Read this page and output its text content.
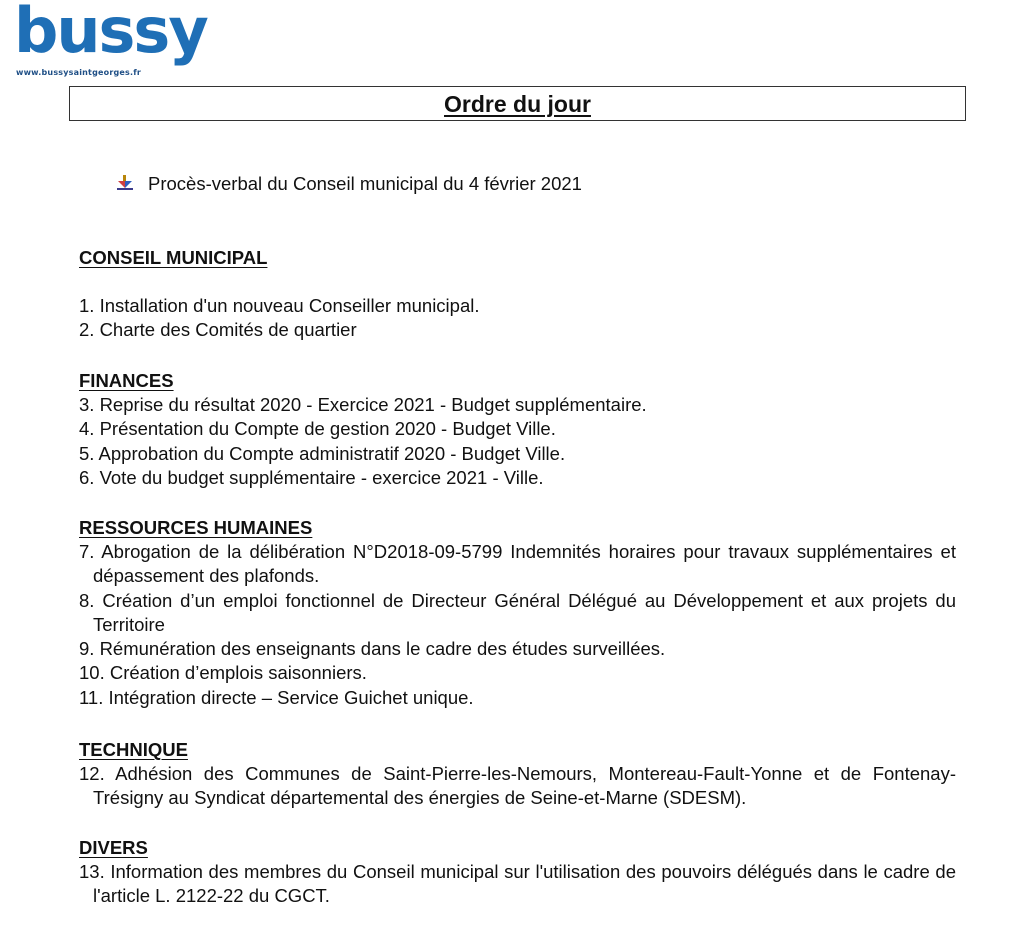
bussy
www.bussysaintgeorges.fr
Ordre du jour
Procès-verbal du Conseil municipal du 4 février 2021
CONSEIL MUNICIPAL
1. Installation d'un nouveau Conseiller municipal.
2. Charte des Comités de quartier
FINANCES
3. Reprise du résultat 2020 - Exercice 2021 - Budget supplémentaire.
4. Présentation du Compte de gestion 2020 - Budget Ville.
5. Approbation du Compte administratif 2020 - Budget Ville.
6. Vote du budget supplémentaire - exercice 2021 - Ville.
RESSOURCES HUMAINES
7. Abrogation de la délibération N°D2018-09-5799 Indemnités horaires pour travaux supplémentaires et dépassement des plafonds.
8. Création d’un emploi fonctionnel de Directeur Général Délégué au Développement et aux projets du Territoire
9. Rémunération des enseignants dans le cadre des études surveillées.
10. Création d’emplois saisonniers.
11. Intégration directe – Service Guichet unique.
TECHNIQUE
12. Adhésion des Communes de Saint-Pierre-les-Nemours, Montereau-Fault-Yonne et de Fontenay-Trésigny au Syndicat départemental des énergies de Seine-et-Marne (SDESM).
DIVERS
13. Information des membres du Conseil municipal sur l'utilisation des pouvoirs délégués dans le cadre de l'article L. 2122-22 du CGCT.
